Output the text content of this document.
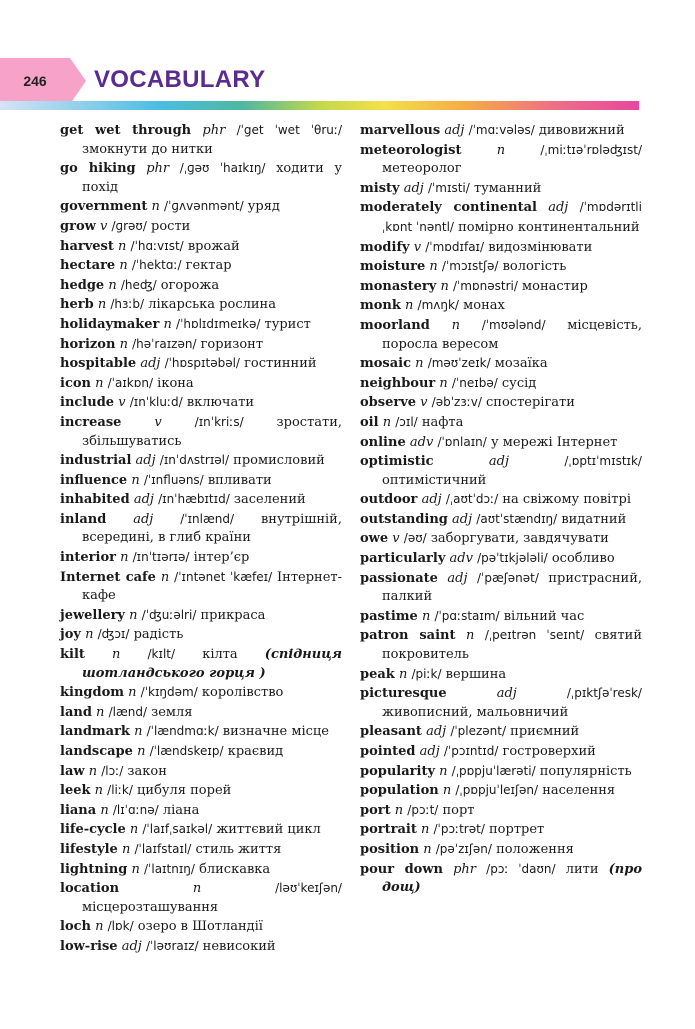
246	VOCABULARY

get wet through phr /ˈget ˈwet ˈθruː/ змокнути до нитки

go hiking phr /ˌɡəʊ ˈhaɪkɪŋ/ ходити у похід

government n /ˈɡʌvənmənt/ уряд

grow v /ɡrəʊ/ рости

harvest n /ˈhɑːvɪst/ врожай

hectare n /ˈhektɑː/ гектар

hedge n /heʤ/ огорожа

herb n /hɜːb/ лікарська рослина

holidaymaker n /ˈhɒlɪdɪmeɪkə/ турист

horizon n /həˈraɪzən/ горизонт

hospitable adj /ˈhɒspɪtəbəl/ гостинний

icon n /ˈaɪkɒn/ ікона

include v /ɪnˈkluːd/ включати

increase	v	/ɪnˈkriːs/	зростати, збільшуватись

industrial adj /ɪnˈdʌstrɪəl/ промисловий

influence n /ˈɪnfluəns/ впливати

inhabited adj /ɪnˈhæbɪtɪd/ заселений

inland adj /ˈɪnlænd/ внутрішній, всередині, в глиб країни

interior n /ɪnˈtɪərɪə/ інтер’єр

Internet cafe n /ˈɪntənet ˈkæfeɪ/ Інтернет-кафе

jewellery n /ˈʤuːəlri/ прикраса

joy n /ʤɔɪ/ радість

kilt n /kɪlt/ кілта (спідниця шотландського горця )

kingdom n /ˈkɪŋdəm/ королівство

land n /lænd/ земля

landmark n /ˈlændmɑːk/ визначне місце

landscape n /ˈlændskeɪp/ краєвид

law n /lɔː/ закон

leek n /liːk/ цибуля порей

liana n /lɪˈɑːnə/ ліана

life-cycle n /ˈlaɪfˌsaɪkəl/ життєвий цикл

lifestyle n /ˈlaɪfstaɪl/ стиль життя

lightning n /ˈlaɪtnɪŋ/ блискавка

location	n	/ləʊˈkeɪʃən/ місцерозташування

loch n /lɒk/ озеро в Шотландії

low-rise adj /ˈləʊraɪz/ невисокий

marvellous adj /ˈmɑːvələs/ дивовижний

meteorologist	n	/ˌmiːtɪəˈrɒləʤɪst/ метеоролог

misty adj /ˈmɪsti/ туманний

moderately continental adj /ˈmɒdərɪtli ˌkɒnt ˈnəntl/ помірно континентальний

modify v /ˈmɒdɪfaɪ/ видозмінювати

moisture n /ˈmɔɪstʃə/ вологість

monastery n /ˈmɒnəstri/ монастир

monk n /mʌŋk/ монах

moorland n /ˈmʊələnd/ місцевість, поросла вересом

mosaic n /məʊˈzeɪk/ мозаїка

neighbour n /ˈneɪbə/ сусід

observe v /əbˈzɜːv/ спостерігати

oil n /ɔɪl/ нафта

online adv /ˈɒnlaɪn/ у мережі Інтернет

optimistic	adj	/ˌɒptɪˈmɪstɪk/ оптимістичний

outdoor adj /ˌaʊtˈdɔː/ на свіжому повітрі

outstanding adj /aʊtˈstændɪŋ/ видатний

owe v /əʊ/ заборгувати, завдячувати

particularly adv /pəˈtɪkjələli/ особливо

passionate adj /ˈpæʃənət/ пристрасний, палкий

pastime n /ˈpɑːstaɪm/ вільний час

patron saint n /ˌpeɪtrən ˈseɪnt/ святий покровитель

peak n /piːk/ вершина

picturesque	adj	/ˌpɪktʃəˈresk/ живописний, мальовничий

pleasant adj /ˈplezənt/ приємний

pointed adj /ˈpɔɪntɪd/ гостроверхий

popularity n /ˌpɒpjuˈlærəti/ популярність

population n /ˌpɒpjuˈleɪʃən/ населення

port n /pɔːt/ порт

portrait n /ˈpɔːtrət/ портрет

position n /pəˈzɪʃən/ положення

pour down phr /pɔː ˈdaʊn/ лити (про дощ)
